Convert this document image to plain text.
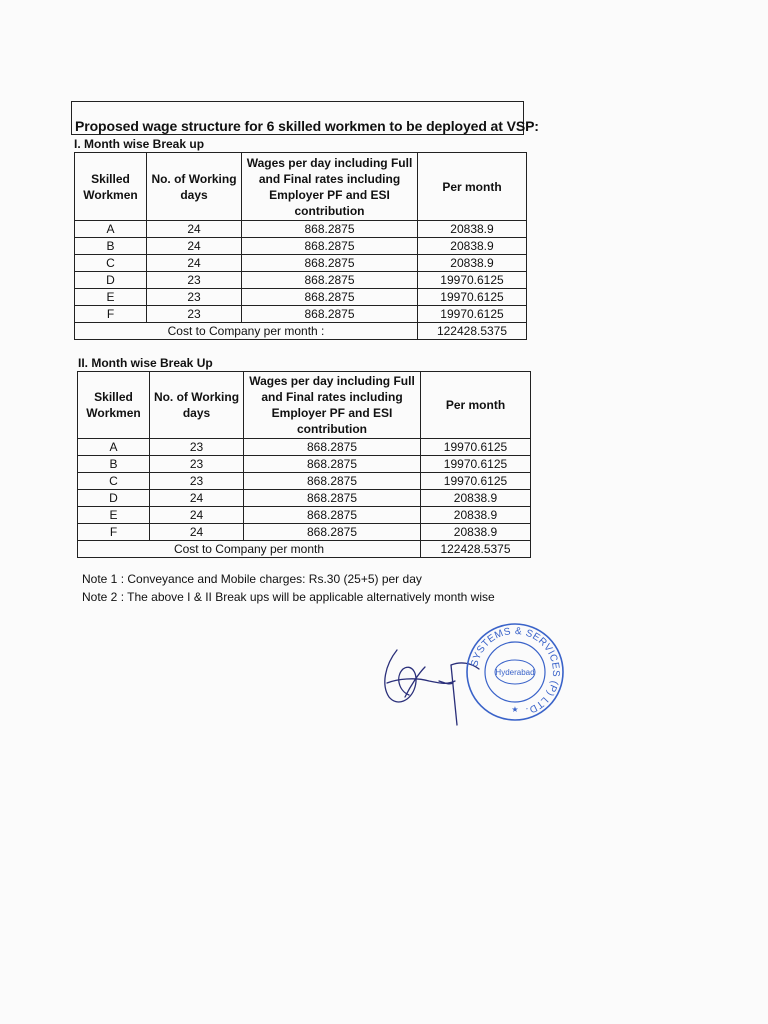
Proposed wage structure for 6 skilled workmen to be deployed at VSP:
I. Month wise Break up
Skilled Workmen	No. of Working days	Wages per day including Full and Final rates including Employer PF and ESI contribution	Per month
A	24	868.2875	20838.9
B	24	868.2875	20838.9
C	24	868.2875	20838.9
D	23	868.2875	19970.6125
E	23	868.2875	19970.6125
F	23	868.2875	19970.6125
Cost to Company per month :			122428.5375
II. Month wise Break Up
Skilled Workmen	No. of Working days	Wages per day including Full and Final rates including Employer PF and ESI contribution	Per month
A	23	868.2875	19970.6125
B	23	868.2875	19970.6125
C	23	868.2875	19970.6125
D	24	868.2875	20838.9
E	24	868.2875	20838.9
F	24	868.2875	20838.9
Cost to Company per month			122428.5375
Note 1 : Conveyance and Mobile charges: Rs.30 (25+5) per day
Note 2 : The above I & II Break ups will be applicable alternatively month wise
SYSTEMS & SERVICES (P) LTD.
Hyderabad
★
